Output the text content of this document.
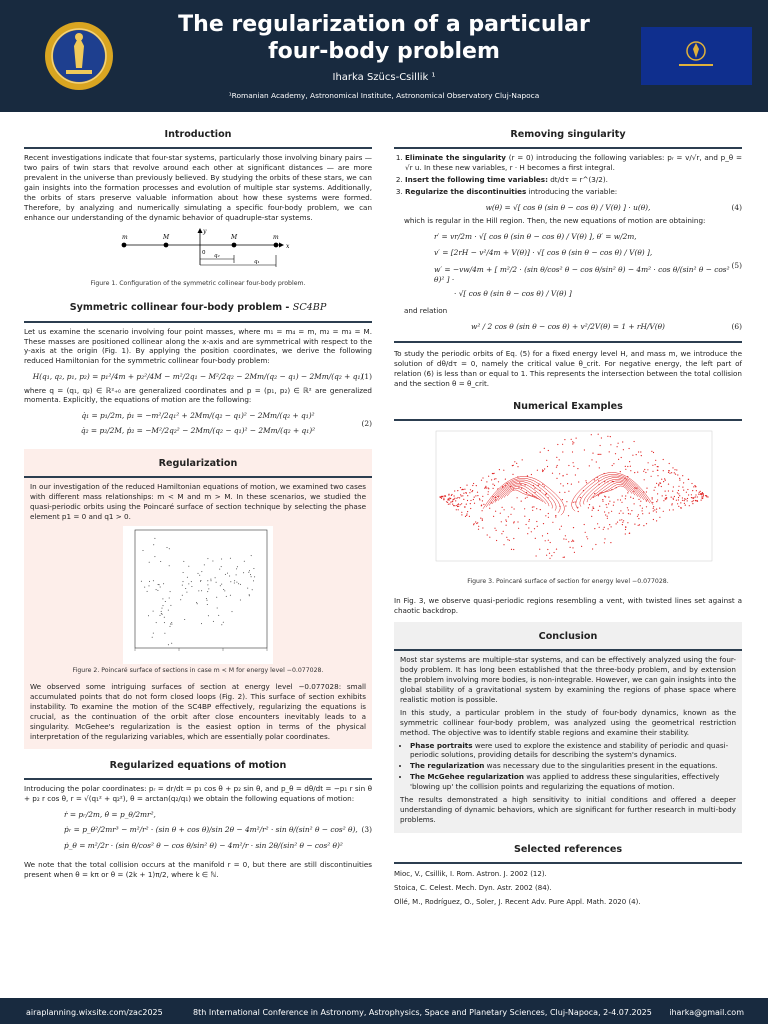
The regularization of a particular
four-body problem
Iharka Szücs-Csillik ¹
¹Romanian Academy, Astronomical Institute, Astronomical Observatory Cluj-Napoca
Introduction

Recent investigations indicate that four-star systems, particularly those involving binary pairs — two pairs of twin stars that revolve around each other at significant distances — are more prevalent in the universe than previously believed. By studying the orbits of these stars, we can gain insights into the formation processes and evolution of multiple star systems. Additionally, the orbits of stars preserve valuable information about how these systems were formed. Therefore, by analyzing and numerically simulating a specific four-body problem, we can enhance our understanding of the dynamic behavior of quadruple-star systems.

m	M	M	m
x
y
0 q₂
q₁
Figure 1. Configuration of the symmetric collinear four-body problem.
Symmetric collinear four-body problem - SC4BP

Let us examine the scenario involving four point masses, where m₁ = m₄ = m, m₂ = m₃ = M. These masses are positioned collinear along the x-axis and are symmetrical with respect to the y-axis at the origin (Fig. 1). By applying the position coordinates, we derive the following reduced Hamiltonian for the symmetric collinear four-body problem:

H(q₁, q₂, p₁, p₂) = p₁²/4m + p₂²/4M − m²/2q₁ − M²/2q₂ − 2Mm/(q₂ − q₁) − 2Mm/(q₂ + q₁)
(1)

where q = (q₁, q₂) ∈ ℝ²₊₀ are generalized coordinates and p = (p₁, p₂) ∈ ℝ² are generalized momenta. Explicitly, the equations of motion are the following:

q̇₁ = p₁/2m, ṗ₁ = −m²/2q₁² + 2Mm/(q₂ − q₁)² − 2Mm/(q₂ + q₁)²
q̇₂ = p₂/2M, ṗ₂ = −M²/2q₂² − 2Mm/(q₂ − q₁)² − 2Mm/(q₂ + q₁)²
(2)
Regularization

In our investigation of the reduced Hamiltonian equations of motion, we examined two cases with different mass relationships: m < M and m > M. In these scenarios, we studied the quasi-periodic orbits using the Poincaré surface of section technique by selecting the phase element p1 = 0 and q1 > 0.

Figure 2. Poincaré surface of sections in case m < M for energy level −0.077028.

We observed some intriguing surfaces of section at energy level −0.077028: small accumulated points that do not form closed loops (Fig. 2). This surface of section exhibits instability. To examine the motion of the SC4BP effectively, regularizing the equations is crucial, as the continuation of the orbit after close encounters inevitably leads to a singularity. McGehee's regularization is the easiest option in terms of the physical interpretation of the regularizing variables, which are essentially polar coordinates.

Regularized equations of motion

Introducing the polar coordinates: pᵣ = dr/dt = p₁ cos θ + p₂ sin θ, and p_θ = dθ/dt = −p₁ r sin θ + p₂ r cos θ, r = √(q₁² + q₂²), θ = arctan(q₂/q₁) we obtain the following equations of motion:

ṙ = pᵣ/2m, θ̇ = p_θ/2mr²,
ṗᵣ = p_θ²/2mr³ − m²/r² · (sin θ + cos θ)/sin 2θ − 4m²/r² · sin θ/(sin² θ − cos² θ),
ṗ_θ = m²/2r · (sin θ/cos² θ − cos θ/sin² θ) − 4m²/r · sin 2θ/(sin² θ − cos² θ)²
(3)

We note that the total collision occurs at the manifold r = 0, but there are still discontinuities present when θ = kπ or θ = (2k + 1)π/2, where k ∈ ℕ.

Removing singularity
1. Eliminate the singularity (r = 0) introducing the following variables: pᵣ = v/√r, and p_θ = √r u. In these new variables, r · H becomes a first integral.
2. Insert the following time variables: dt/dτ = r^(3/2).
3. Regularize the discontinuities introducing the variable:
w(θ) = √[ cos θ (sin θ − cos θ) / V(θ) ] · u(θ),	(4)

which is regular in the Hill region. Then, the new equations of motion are obtaining:

r′ = vr/2m · √[ cos θ (sin θ − cos θ) / V(θ) ], θ′ = w/2m,
v′ = [2rH − v²/4m + V(θ)] · √[ cos θ (sin θ − cos θ) / V(θ) ],
w′ = −vw/4m + [ m²/2 · (sin θ/cos² θ − cos θ/sin² θ) − 4m² · cos θ/(sin² θ − cos² θ)² ] ·
· √[ cos θ (sin θ − cos θ) / V(θ) ]
(5)

and relation

w² / 2 cos θ (sin θ − cos θ) + v²/2V(θ) = 1 + rH/V(θ)	(6)

To study the periodic orbits of Eq. (5) for a fixed energy level H, and mass m, we introduce the solution of dθ/dτ = 0, namely the critical value θ_crit. For negative energy, the left part of relation (6) is less than or equal to 1. This represents the intersection between the total collision and the section θ = θ_crit.

Numerical Examples
Figure 3. Poincaré surface of section for energy level −0.077028.

In Fig. 3, we observe quasi-periodic regions resembling a vent, with twisted lines set against a chaotic backdrop.

Conclusion

Most star systems are multiple-star systems, and can be effectively analyzed using the four-body problem. It has long been established that the three-body problem, and by extension the problem involving more bodies, is non-integrable. However, we can gain insights into the global stability of a gravitational system by examining the regions of phase space where realistic motion is possible.

In this study, a particular problem in the study of four-body dynamics, known as the symmetric collinear four-body problem, was analyzed using the geometrical restriction method. The objective was to identify stable regions and examine their stability.

• Phase portraits were used to explore the existence and stability of periodic and quasi-periodic solutions, providing details for describing the system's dynamics.
• The regularization was necessary due to the singularities present in the equations.
• The McGehee regularization was applied to address these singularities, effectively 'blowing up' the collision points and regularizing the equations of motion.

The results demonstrated a high sensitivity to initial conditions and offered a deeper understanding of dynamic behaviors, which are significant for further research in multi-body problems.

Selected references
Mioc, V., Csillik, I. Rom. Astron. J. 2002 (12).
Stoica, C. Celest. Mech. Dyn. Astr. 2002 (84).
Ollé, M., Rodríguez, O., Soler, J. Recent Adv. Pure Appl. Math. 2020 (4).
airaplanning.wixsite.com/zac2025	8th International Conference in Astronomy, Astrophysics, Space and Planetary Sciences, Cluj-Napoca, 2-4.07.2025 iharka@gmail.com
